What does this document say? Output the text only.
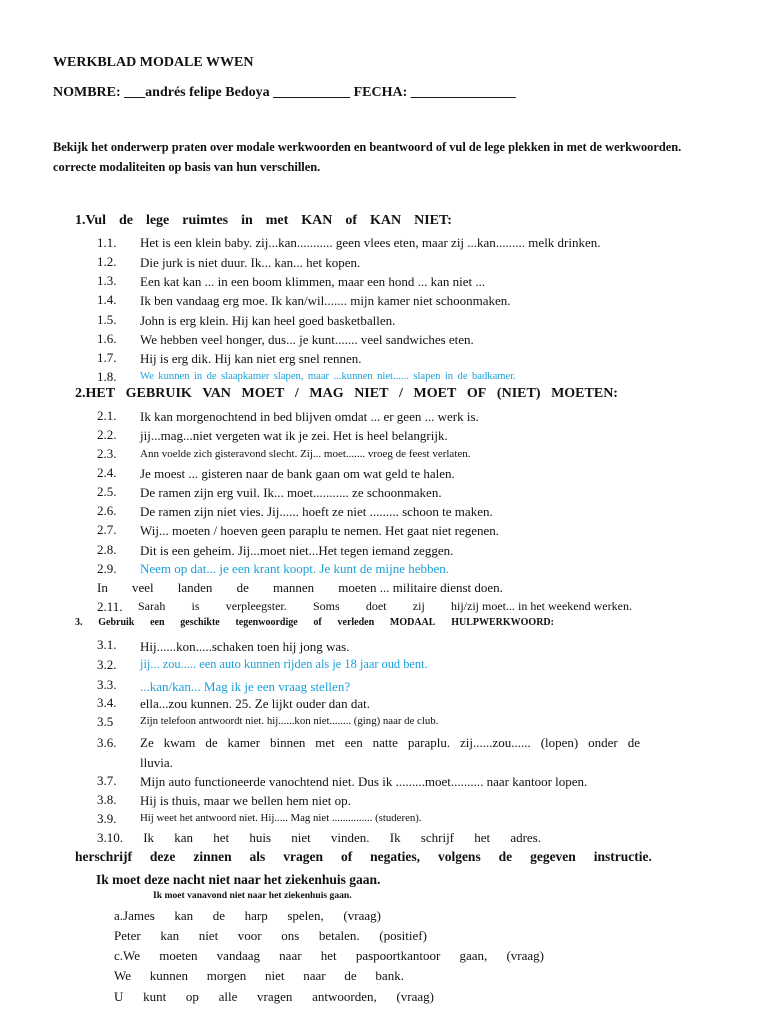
WERKBLAD MODALE WWEN
NOMBRE: ___andrés felipe Bedoya ___________ FECHA: _______________
Bekijk het onderwerp praten over modale werkwoorden en beantwoord of vul de lege plekken in met de werkwoorden.
correcte modaliteiten op basis van hun verschillen.
1.Vul de lege ruimtes in met KAN of KAN NIET:
1.1. Het is een klein baby. zij...kan........... geen vlees eten, maar zij ...kan......... melk drinken.
1.2. Die jurk is niet duur. Ik... kan... het kopen.
1.3. Een kat kan ... in een boom klimmen, maar een hond ... kan niet ...
1.4. Ik ben vandaag erg moe. Ik kan/wil....... mijn kamer niet schoonmaken.
1.5. John is erg klein. Hij kan heel goed basketballen.
1.6. We hebben veel honger, dus... je kunt....... veel sandwiches eten.
1.7. Hij is erg dik. Hij kan niet erg snel rennen.
1.8. We kunnen in de slaapkamer slapen, maar ...kunnen niet...... slapen in de badkamer.
2.HET GEBRUIK VAN MOET / MAG NIET / MOET OF (NIET) MOETEN:
2.1. Ik kan morgenochtend in bed blijven omdat ... er geen ... werk is.
2.2. jij...mag...niet vergeten wat ik je zei. Het is heel belangrijk.
2.3. Ann voelde zich gisteravond slecht. Zij... moet....... vroeg de feest verlaten.
2.4. Je moest ... gisteren naar de bank gaan om wat geld te halen.
2.5. De ramen zijn erg vuil. Ik... moet........... ze schoonmaken.
2.6. De ramen zijn niet vies. Jij...... hoeft ze niet ......... schoon te maken.
2.7. Wij... moeten / hoeven geen paraplu te nemen. Het gaat niet regenen.
2.8. Dit is een geheim. Jij...moet niet...Het tegen iemand zeggen.
2.9. Neem op dat... je een krant koopt. Je kunt de mijne hebben.
In veel landen de mannen moeten ... militaire dienst doen.
2.11. Sarah is verpleegster. Soms doet zij hij/zij moet... in het weekend werken.
3. Gebruik een geschikte tegenwoordige of verleden MODAAL HULPWERKWOORD:
3.1. Hij......kon.....schaken toen hij jong was.
3.2. jij... zou..... een auto kunnen rijden als je 18 jaar oud bent.
3.3. ...kan/kan... Mag ik je een vraag stellen?
3.4. ella...zou kunnen. 25. Ze lijkt ouder dan dat.
3.5 Zijn telefoon antwoordt niet. hij......kon niet........ (ging) naar de club.
3.6. Ze kwam de kamer binnen met een natte paraplu. zij......zou...... (lopen) onder de
lluvia.
3.7. Mijn auto functioneerde vanochtend niet. Dus ik .........moet.......... naar kantoor lopen.
3.8. Hij is thuis, maar we bellen hem niet op.
3.9. Hij weet het antwoord niet. Hij..... Mag niet ............... (studeren).
3.10. Ik kan het huis niet vinden. Ik schrijf het adres.
herschrijf deze zinnen als vragen of negaties, volgens de gegeven instructie.
Ik moet deze nacht niet naar het ziekenhuis gaan.
Ik moet vanavond niet naar het ziekenhuis gaan.
a.James kan de harp spelen, (vraag)
Peter kan niet voor ons betalen. (positief)
c.We moeten vandaag naar het paspoortkantoor gaan, (vraag)
We kunnen morgen niet naar de bank.
U kunt op alle vragen antwoorden, (vraag)
